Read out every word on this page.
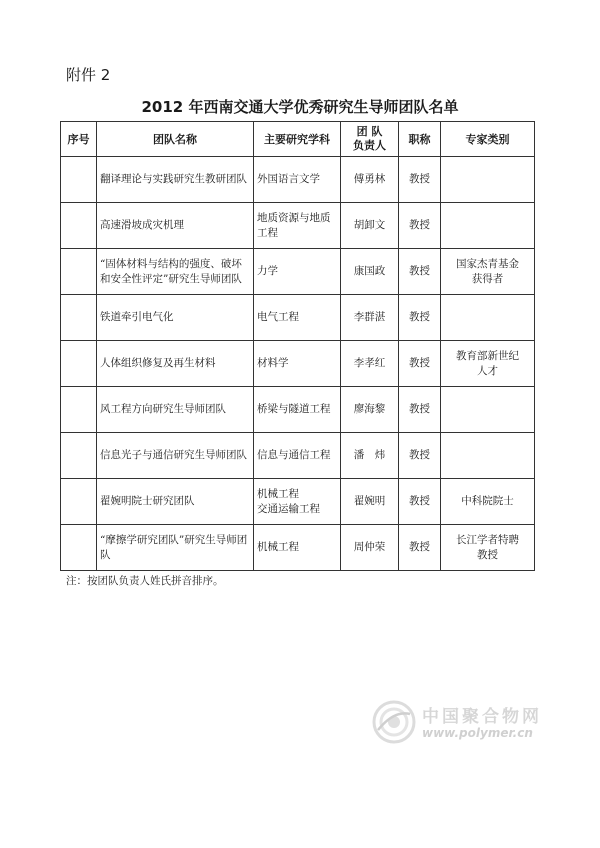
附件 2
2012 年西南交通大学优秀研究生导师团队名单
序号	团队名称	主要研究学科	团 队
负责人	职称	专家类别
	翻译理论与实践研究生教研团队	外国语言文学	傅勇林	教授	
	高速滑坡成灾机理	地质资源与地质
工程	胡卸文	教授	
	“固体材料与结构的强度、破坏和安全性评定”研究生导师团队	力学	康国政	教授	国家杰青基金
获得者
	铁道牵引电气化	电气工程	李群湛	教授	
	人体组织修复及再生材料	材料学	李孝红	教授	教育部新世纪
人才
	风工程方向研究生导师团队	桥梁与隧道工程	廖海黎	教授	
	信息光子与通信研究生导师团队	信息与通信工程	潘　炜	教授	
	翟婉明院士研究团队	机械工程
交通运输工程	翟婉明	教授	中科院院士
	“摩擦学研究团队”研究生导师团队	机械工程	周仲荣	教授	长江学者特聘
教授
注：按团队负责人姓氏拼音排序。
中国聚合物网
www.polymer.cn
